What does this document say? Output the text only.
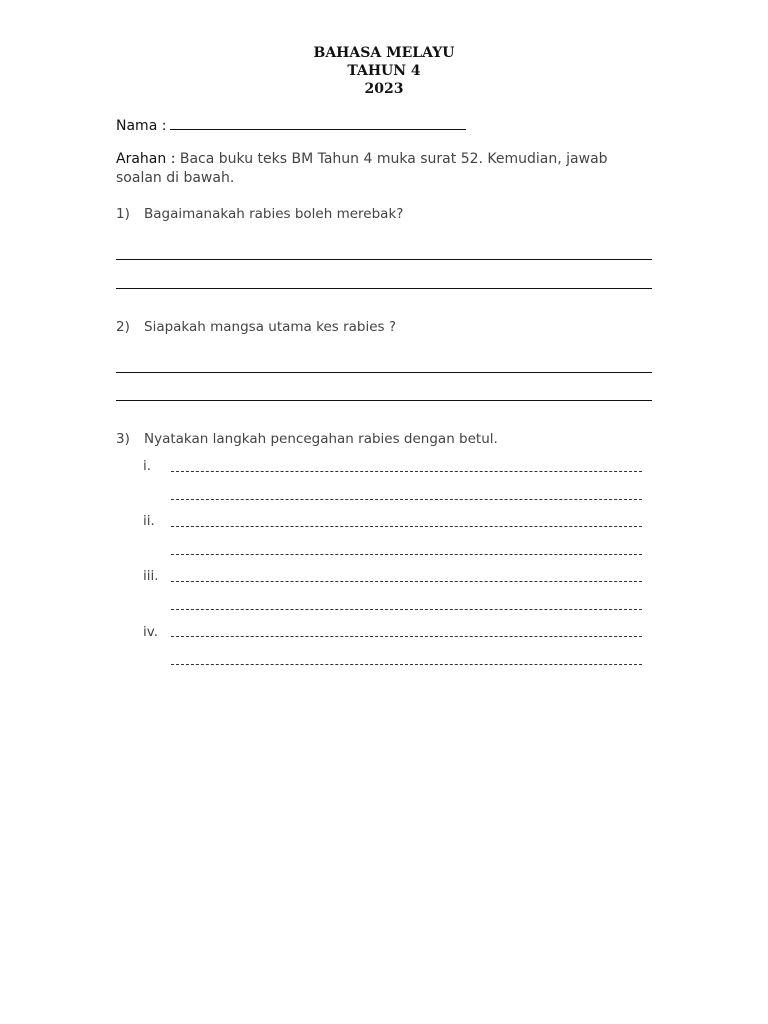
BAHASA MELAYU
TAHUN 4
2023
Nama :
Arahan : Baca buku teks BM Tahun 4 muka surat 52. Kemudian, jawab soalan di bawah.
1) Bagaimanakah rabies boleh merebak?
2) Siapakah mangsa utama kes rabies ?
3) Nyatakan langkah pencegahan rabies dengan betul.
i.
ii.
iii.
iv.
